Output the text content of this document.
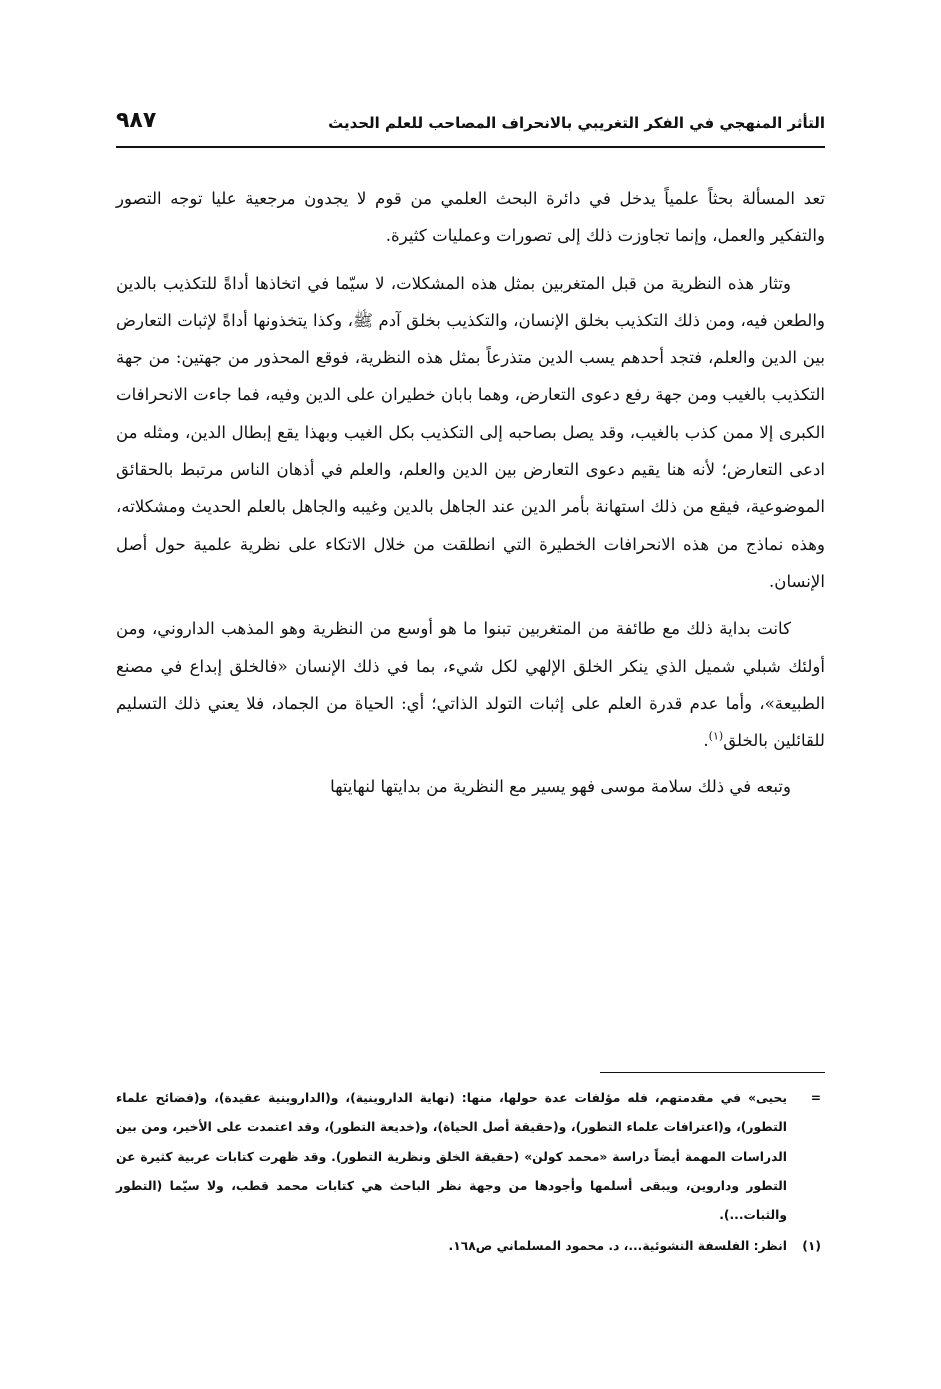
التأثر المنهجي في الفكر التغريبي بالانحراف المصاحب للعلم الحديث
٩٨٧

تعد المسألة بحثاً علمياً يدخل في دائرة البحث العلمي من قوم لا يجدون مرجعية عليا توجه التصور والتفكير والعمل، وإنما تجاوزت ذلك إلى تصورات وعمليات كثيرة.

وتثار هذه النظرية من قبل المتغربين بمثل هذه المشكلات، لا سيّما في اتخاذها أداةً للتكذيب بالدين والطعن فيه، ومن ذلك التكذيب بخلق الإنسان، والتكذيب بخلق آدم ﷺ، وكذا يتخذونها أداةً لإثبات التعارض بين الدين والعلم، فتجد أحدهم يسب الدين متذرعاً بمثل هذه النظرية، فوقع المحذور من جهتين: من جهة التكذيب بالغيب ومن جهة رفع دعوى التعارض، وهما بابان خطيران على الدين وفيه، فما جاءت الانحرافات الكبرى إلا ممن كذب بالغيب، وقد يصل بصاحبه إلى التكذيب بكل الغيب وبهذا يقع إبطال الدين، ومثله من ادعى التعارض؛ لأنه هنا يقيم دعوى التعارض بين الدين والعلم، والعلم في أذهان الناس مرتبط بالحقائق الموضوعية، فيقع من ذلك استهانة بأمر الدين عند الجاهل بالدين وغيبه والجاهل بالعلم الحديث ومشكلاته، وهذه نماذج من هذه الانحرافات الخطيرة التي انطلقت من خلال الاتكاء على نظرية علمية حول أصل الإنسان.

كانت بداية ذلك مع طائفة من المتغربين تبنوا ما هو أوسع من النظرية وهو المذهب الداروني، ومن أولئك شبلي شميل الذي ينكر الخلق الإلهي لكل شيء، بما في ذلك الإنسان «فالخلق إبداع في مصنع الطبيعة»، وأما عدم قدرة العلم على إثبات التولد الذاتي؛ أي: الحياة من الجماد، فلا يعني ذلك التسليم للقائلين بالخلق$^{(١)}$.

وتبعه في ذلك سلامة موسى فهو يسير مع النظرية من بدايتها لنهايتها

=
يحيى» في مقدمتهم، فله مؤلفات عدة حولها، منها: (نهاية الداروينية)، و(الداروينية عقيدة)، و(فضائح علماء التطور)، و(اعترافات علماء التطور)، و(حقيقة أصل الحياة)، و(خديعة التطور)، وقد اعتمدت على الأخير، ومن بين الدراسات المهمة أيضاً دراسة «محمد كولن» (حقيقة الخلق ونظرية التطور). وقد ظهرت كتابات عربية كثيرة عن التطور وداروين، ويبقى أسلمها وأجودها من وجهة نظر الباحث هي كتابات محمد قطب، ولا سيّما (التطور والثبات...).
(١)
انظر: الفلسفة النشوئية...، د. محمود المسلماني ص١٦٨.
